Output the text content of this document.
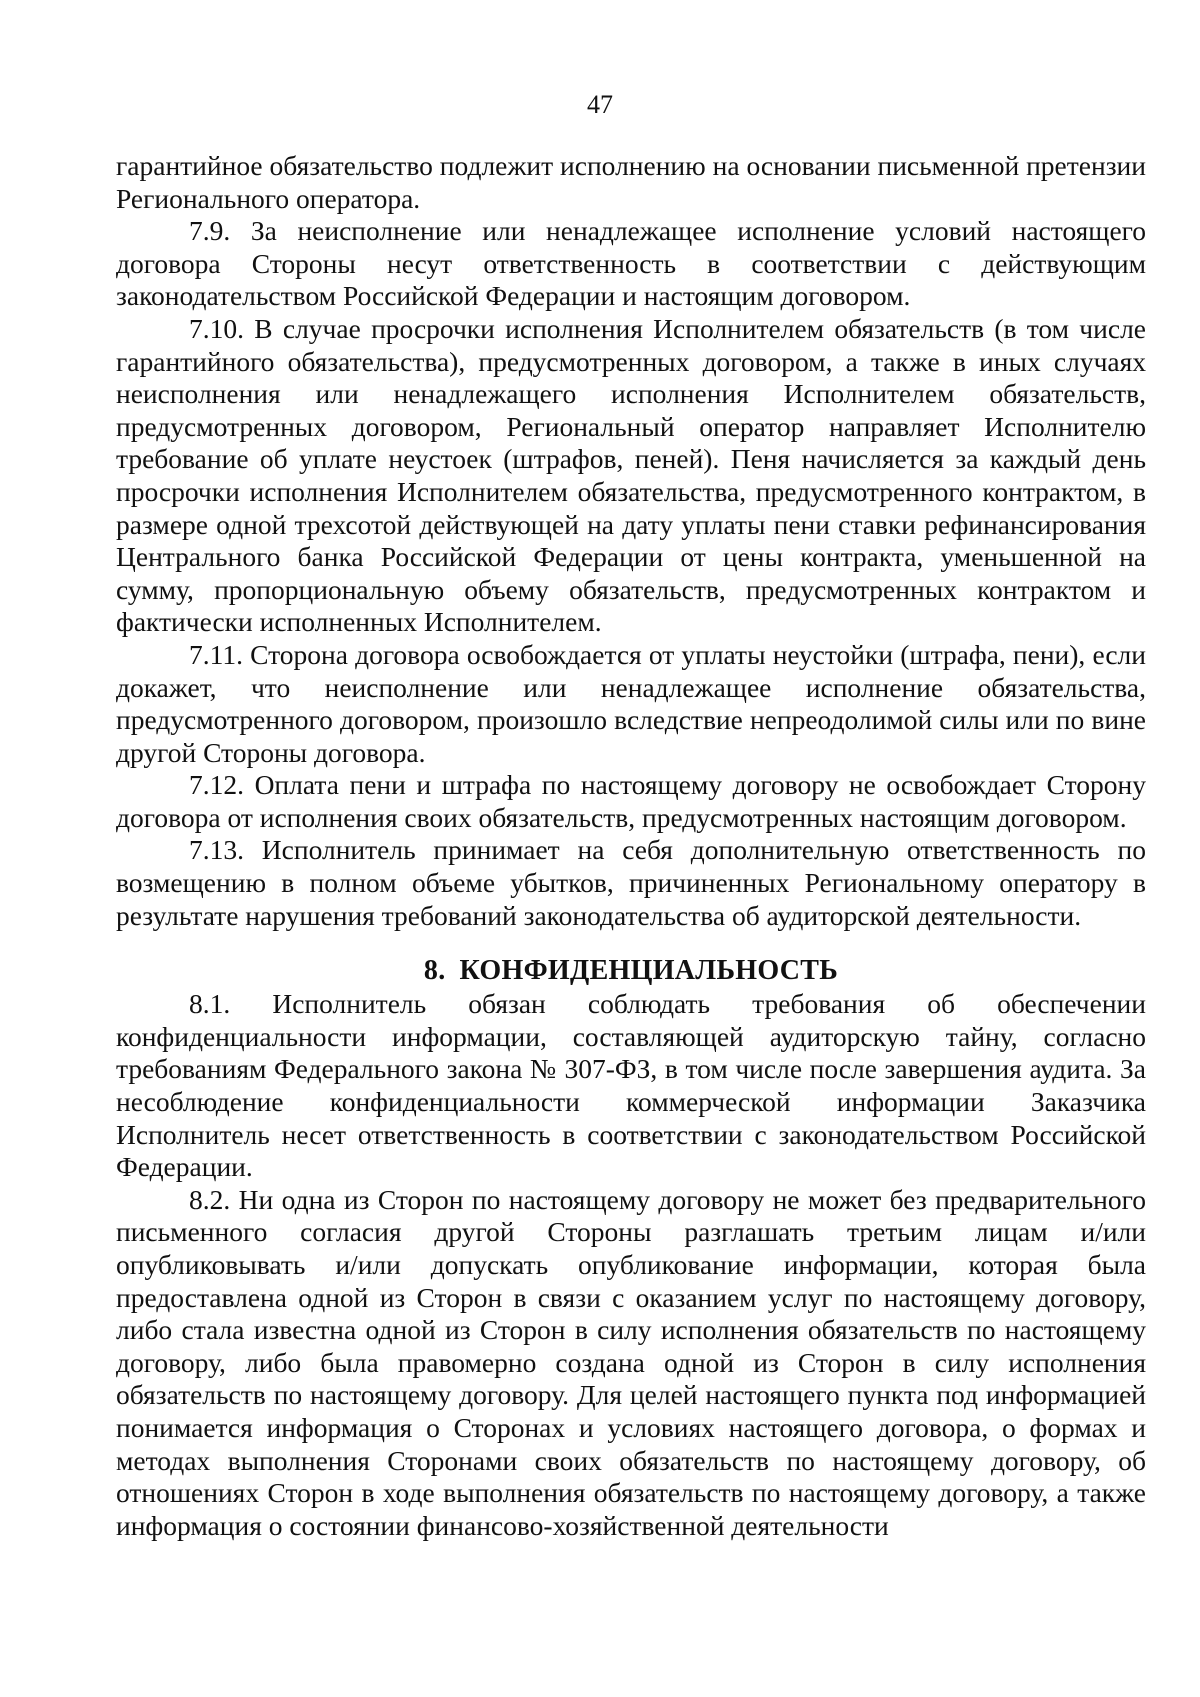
47

гарантийное обязательство подлежит исполнению на основании письменной претензии Регионального оператора.

7.9. За неисполнение или ненадлежащее исполнение условий настоящего договора Стороны несут ответственность в соответствии с действующим законодательством Российской Федерации и настоящим договором.

7.10. В случае просрочки исполнения Исполнителем обязательств (в том числе гарантийного обязательства), предусмотренных договором, а также в иных случаях неисполнения или ненадлежащего исполнения Исполнителем обязательств, предусмотренных договором, Региональный оператор направляет Исполнителю требование об уплате неустоек (штрафов, пеней). Пеня начисляется за каждый день просрочки исполнения Исполнителем обязательства, предусмотренного контрактом, в размере одной трехсотой действующей на дату уплаты пени ставки рефинансирования Центрального банка Российской Федерации от цены контракта, уменьшенной на сумму, пропорциональную объему обязательств, предусмотренных контрактом и фактически исполненных Исполнителем.

7.11. Сторона договора освобождается от уплаты неустойки (штрафа, пени), если докажет, что неисполнение или ненадлежащее исполнение обязательства, предусмотренного договором, произошло вследствие непреодолимой силы или по вине другой Стороны договора.

7.12. Оплата пени и штрафа по настоящему договору не освобождает Сторону договора от исполнения своих обязательств, предусмотренных настоящим договором.

7.13. Исполнитель принимает на себя дополнительную ответственность по возмещению в полном объеме убытков, причиненных Региональному оператору в результате нарушения требований законодательства об аудиторской деятельности.

8. КОНФИДЕНЦИАЛЬНОСТЬ

8.1. Исполнитель обязан соблюдать требования об обеспечении конфиденциальности информации, составляющей аудиторскую тайну, согласно требованиям Федерального закона № 307-ФЗ, в том числе после завершения аудита. За несоблюдение конфиденциальности коммерческой информации Заказчика Исполнитель несет ответственность в соответствии с законодательством Российской Федерации.

8.2. Ни одна из Сторон по настоящему договору не может без предварительного письменного согласия другой Стороны разглашать третьим лицам и/или опубликовывать и/или допускать опубликование информации, которая была предоставлена одной из Сторон в связи с оказанием услуг по настоящему договору, либо стала известна одной из Сторон в силу исполнения обязательств по настоящему договору, либо была правомерно создана одной из Сторон в силу исполнения обязательств по настоящему договору. Для целей настоящего пункта под информацией понимается информация о Сторонах и условиях настоящего договора, о формах и методах выполнения Сторонами своих обязательств по настоящему договору, об отношениях Сторон в ходе выполнения обязательств по настоящему договору, а также информация о состоянии финансово-хозяйственной деятельности
